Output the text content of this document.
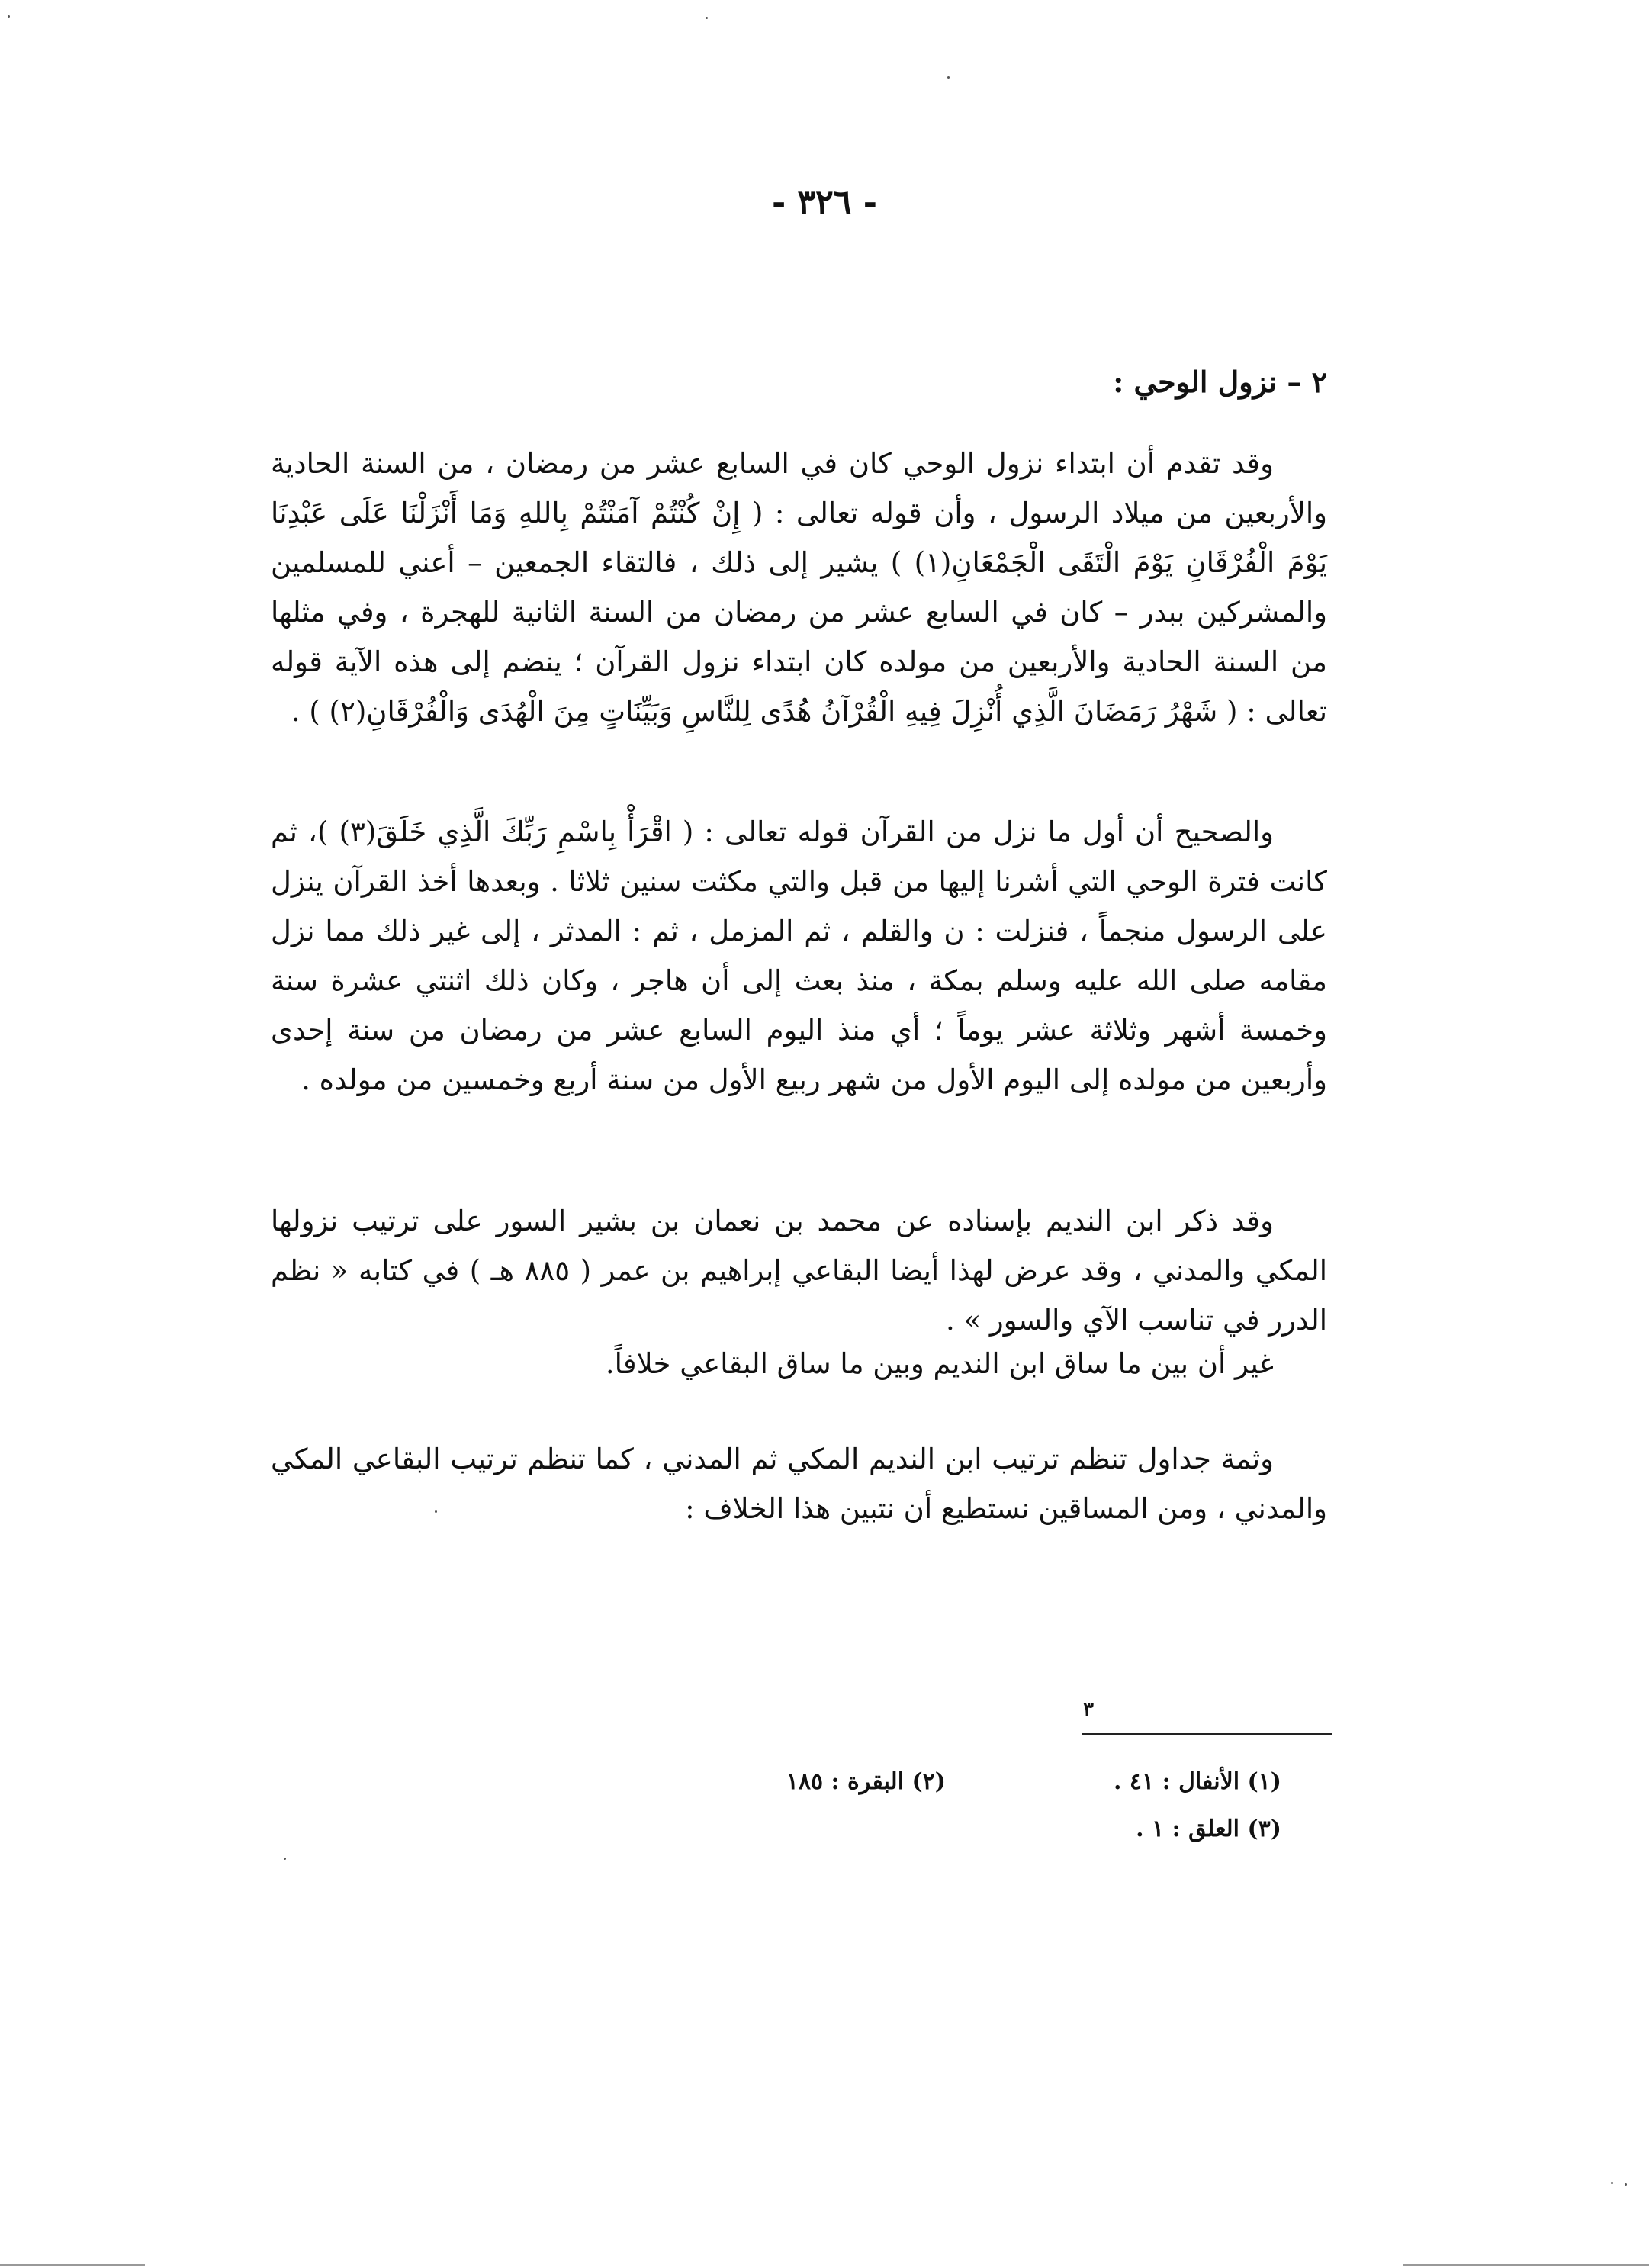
- ٣٢٦ -
٢ – نزول الوحي :

وقد تقدم أن ابتداء نزول الوحي كان في السابع عشر من رمضان ، من السنة الحادية والأربعين من ميلاد الرسول ، وأن قوله تعالى : ( إِنْ كُنْتُمْ آمَنْتُمْ بِاللهِ وَمَا أَنْزَلْنَا عَلَى عَبْدِنَا يَوْمَ الْفُرْقَانِ يَوْمَ الْتَقَى الْجَمْعَانِ(١) ) يشير إلى ذلك ، فالتقاء الجمعين – أعني للمسلمين والمشركين ببدر – كان في السابع عشر من رمضان من السنة الثانية للهجرة ، وفي مثلها من السنة الحادية والأربعين من مولده كان ابتداء نزول القرآن ؛ ينضم إلى هذه الآية قوله تعالى : ( شَهْرُ رَمَضَانَ الَّذِي أُنْزِلَ فِيهِ الْقُرْآنُ هُدًى لِلنَّاسِ وَبَيِّنَاتٍ مِنَ الْهُدَى وَالْفُرْقَانِ(٢) ) .

والصحيح أن أول ما نزل من القرآن قوله تعالى : ( اقْرَأْ بِاسْمِ رَبِّكَ الَّذِي خَلَقَ(٣) )، ثم كانت فترة الوحي التي أشرنا إليها من قبل والتي مكثت سنين ثلاثا . وبعدها أخذ القرآن ينزل على الرسول منجماً ، فنزلت : ن والقلم ، ثم المزمل ، ثم : المدثر ، إلى غير ذلك مما نزل مقامه صلى الله عليه وسلم بمكة ، منذ بعث إلى أن هاجر ، وكان ذلك اثنتي عشرة سنة وخمسة أشهر وثلاثة عشر يوماً ؛ أي منذ اليوم السابع عشر من رمضان من سنة إحدى وأربعين من مولده إلى اليوم الأول من شهر ربيع الأول من سنة أربع وخمسين من مولده .

وقد ذكر ابن النديم بإسناده عن محمد بن نعمان بن بشير السور على ترتيب نزولها المكي والمدني ، وقد عرض لهذا أيضا البقاعي إبراهيم بن عمر ( ٨٨٥ هـ ) في كتابه « نظم الدرر في تناسب الآي والسور » .

غير أن بين ما ساق ابن النديم وبين ما ساق البقاعي خلافاً.

وثمة جداول تنظم ترتيب ابن النديم المكي ثم المدني ، كما تنظم ترتيب البقاعي المكي والمدني ، ومن المساقين نستطيع أن نتبين هذا الخلاف :

٣
(١) الأنفال : ٤١ .
(٢) البقرة : ١٨٥
(٣) العلق : ١ .
